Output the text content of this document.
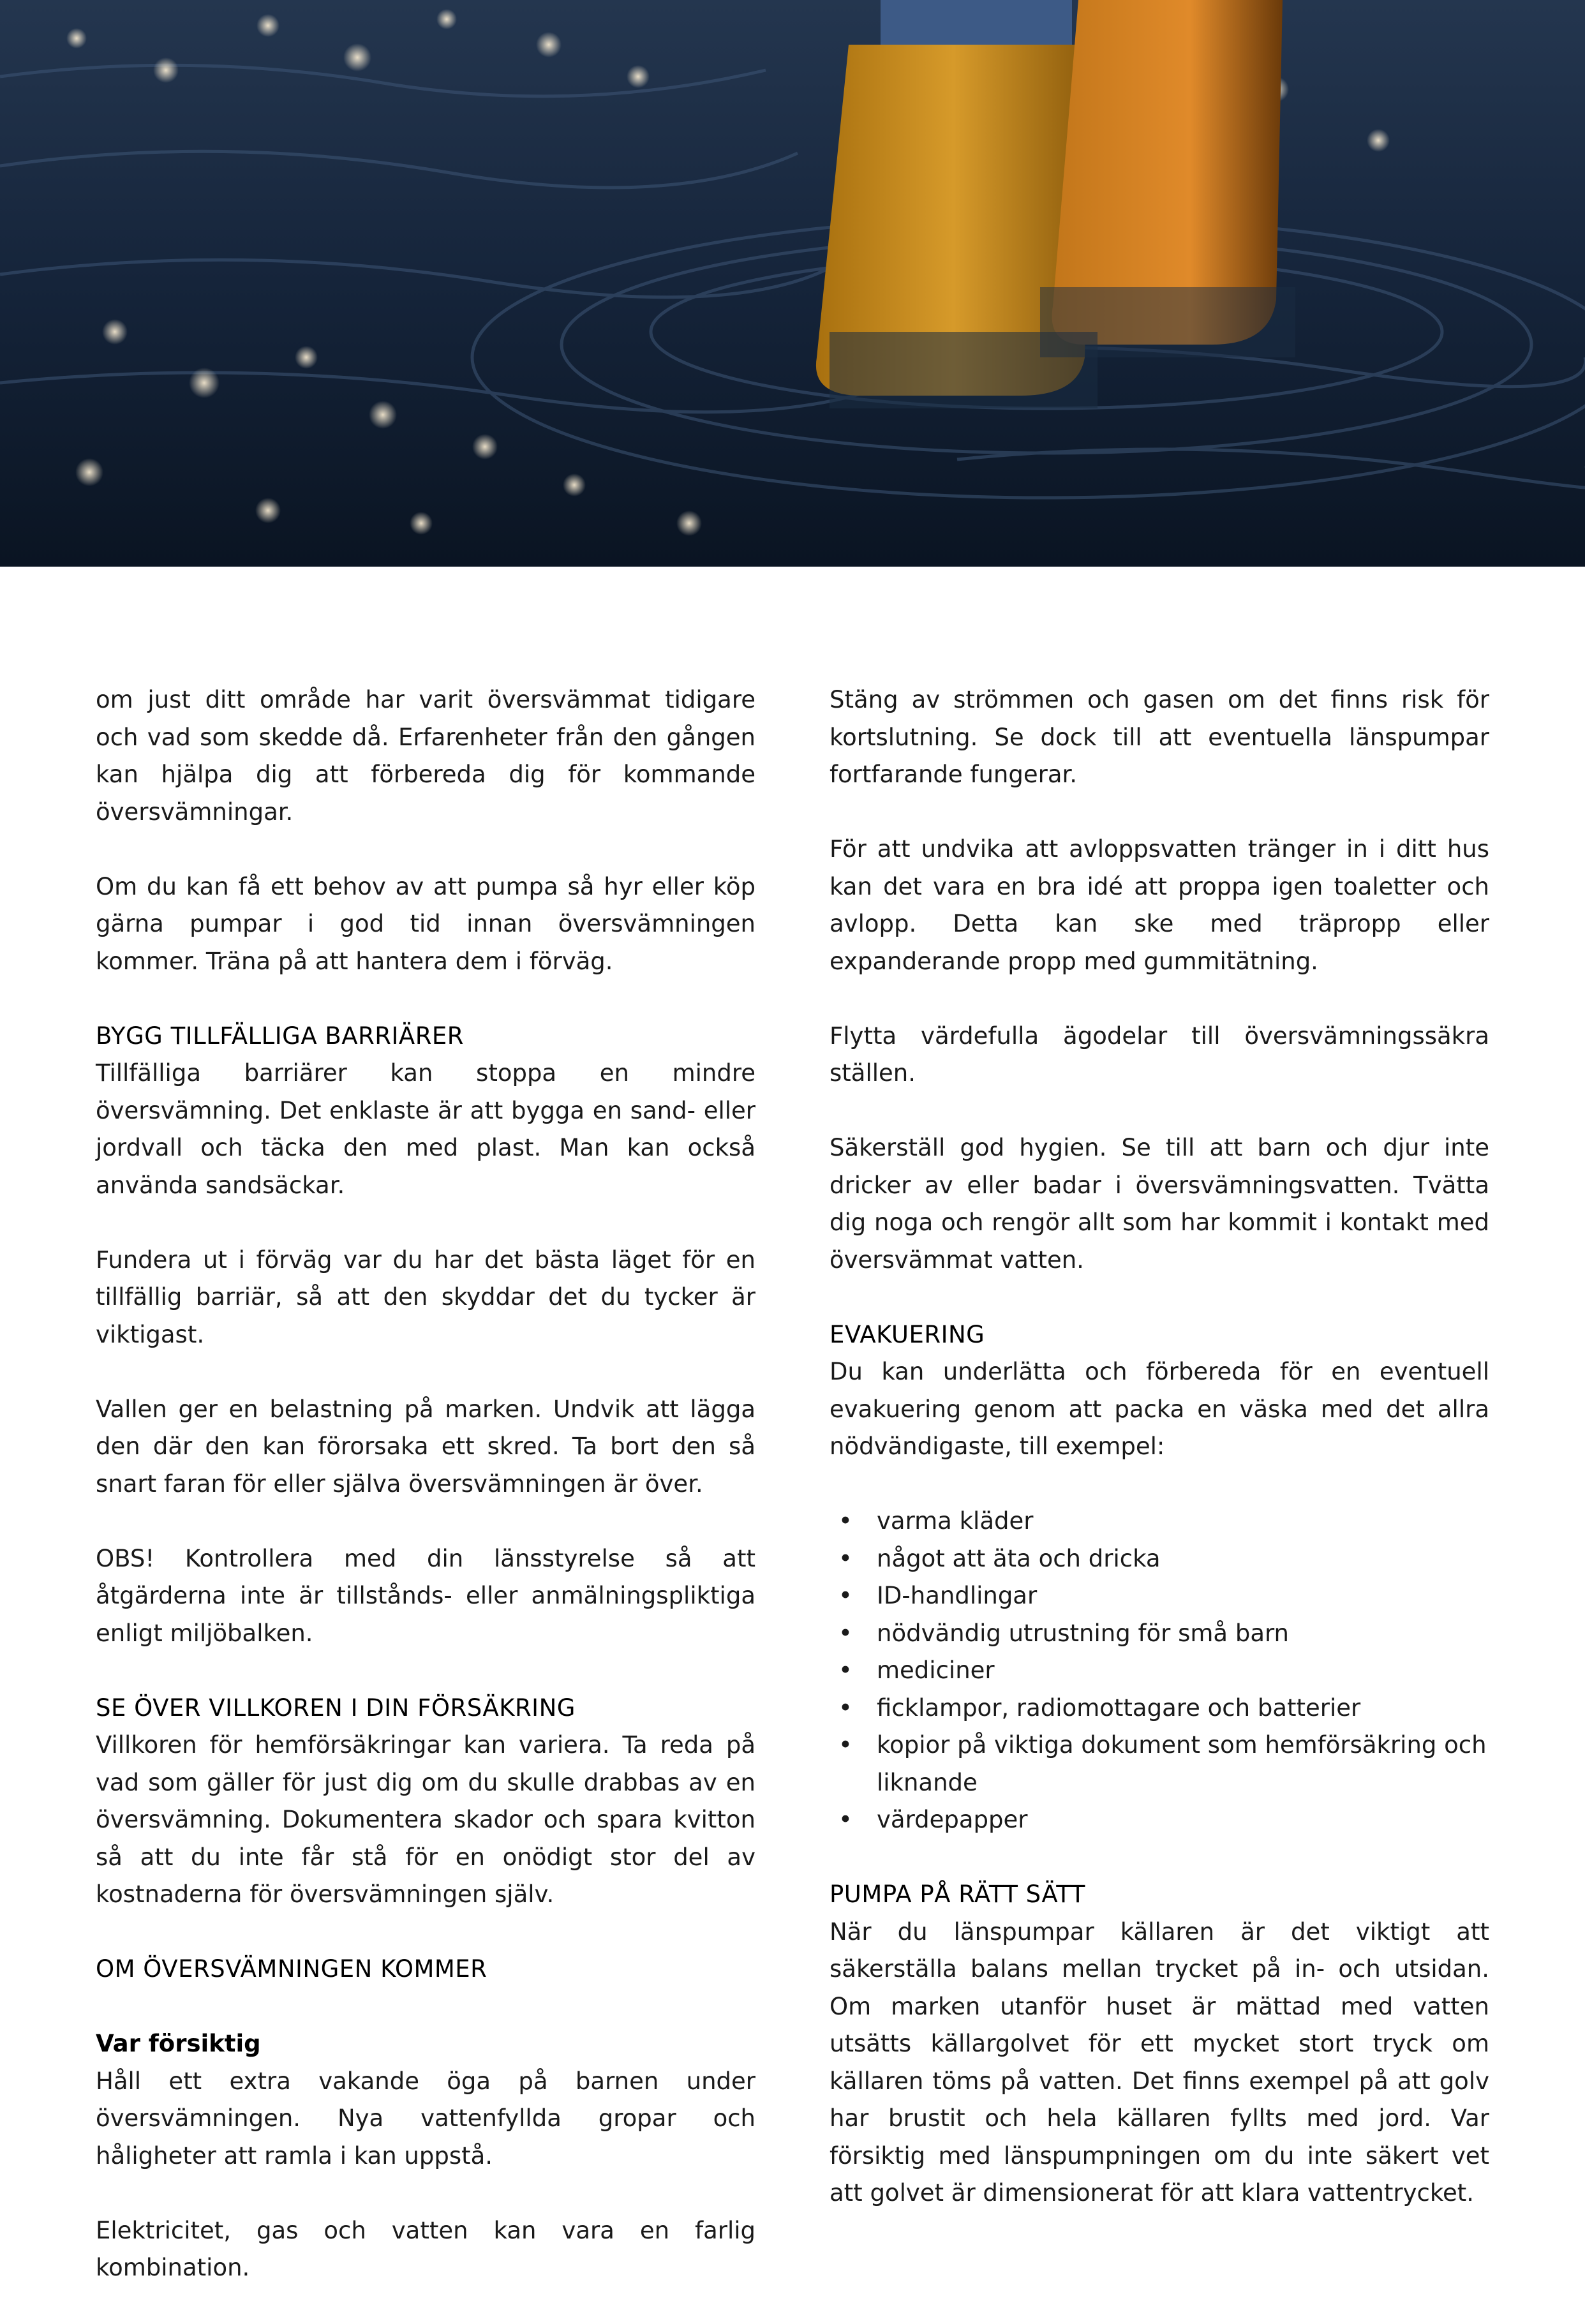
om just ditt område har varit översvämmat tidigare och vad som skedde då. Erfarenheter från den gången kan hjälpa dig att förbereda dig för kommande översvämningar.

Om du kan få ett behov av att pumpa så hyr eller köp gärna pumpar i god tid innan översvämningen kommer. Träna på att hantera dem i förväg.

BYGG TILLFÄLLIGA BARRIÄRER

Tillfälliga barriärer kan stoppa en mindre översvämning. Det enklaste är att bygga en sand- eller jordvall och täcka den med plast. Man kan också använda sandsäckar.

Fundera ut i förväg var du har det bästa läget för en tillfällig barriär, så att den skyddar det du tycker är viktigast.

Vallen ger en belastning på marken. Undvik att lägga den där den kan förorsaka ett skred. Ta bort den så snart faran för eller själva översvämningen är över.

OBS! Kontrollera med din länsstyrelse så att åtgärderna inte är tillstånds- eller anmälningspliktiga enligt miljöbalken.

SE ÖVER VILLKOREN I DIN FÖRSÄKRING

Villkoren för hemförsäkringar kan variera. Ta reda på vad som gäller för just dig om du skulle drabbas av en översvämning. Dokumentera skador och spara kvitton så att du inte får stå för en onödigt stor del av kostnaderna för översvämningen själv.

OM ÖVERSVÄMNINGEN KOMMER
Var försiktig

Håll ett extra vakande öga på barnen under översvämningen. Nya vattenfyllda gropar och håligheter att ramla i kan uppstå.

Elektricitet, gas och vatten kan vara en farlig kombination.

Stäng av strömmen och gasen om det finns risk för kortslutning. Se dock till att eventuella länspumpar fortfarande fungerar.

För att undvika att avloppsvatten tränger in i ditt hus kan det vara en bra idé att proppa igen toaletter och avlopp. Detta kan ske med träpropp eller expanderande propp med gummitätning.

Flytta värdefulla ägodelar till översvämningssäkra ställen.

Säkerställ god hygien. Se till att barn och djur inte dricker av eller badar i översvämningsvatten. Tvätta dig noga och rengör allt som har kommit i kontakt med översvämmat vatten.

EVAKUERING

Du kan underlätta och förbereda för en eventuell evakuering genom att packa en väska med det allra nödvändigaste, till exempel:

• varma kläder
• något att äta och dricka
• ID-handlingar
• nödvändig utrustning för små barn
• mediciner
• ficklampor, radiomottagare och batterier
• kopior på viktiga dokument som hemförsäkring och liknande
• värdepapper
PUMPA PÅ RÄTT SÄTT

När du länspumpar källaren är det viktigt att säkerställa balans mellan trycket på in- och utsidan. Om marken utanför huset är mättad med vatten utsätts källargolvet för ett mycket stort tryck om källaren töms på vatten. Det finns exempel på att golv har brustit och hela källaren fyllts med jord. Var försiktig med länspumpningen om du inte säkert vet att golvet är dimensionerat för att klara vattentrycket.
